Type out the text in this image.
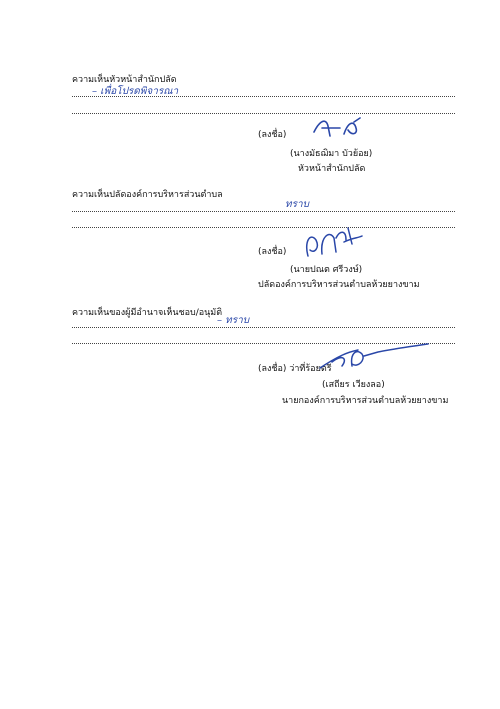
ความเห็นหัวหน้าสำนักปลัด
– เพื่อโปรดพิจารณา
(ลงชื่อ)
(นางมัธฌิมา บัวย้อย)
หัวหน้าสำนักปลัด
ความเห็นปลัดองค์การบริหารส่วนตำบล
ทราบ
(ลงชื่อ)
(นายปณต ศรีวงษ์)
ปลัดองค์การบริหารส่วนตำบลห้วยยางขาม
ความเห็นของผู้มีอำนาจเห็นชอบ/อนุมัติ
– ทราบ
(ลงชื่อ) ว่าที่ร้อยตรี
(เสถียร เวียงลอ)
นายกองค์การบริหารส่วนตำบลห้วยยางขาม
